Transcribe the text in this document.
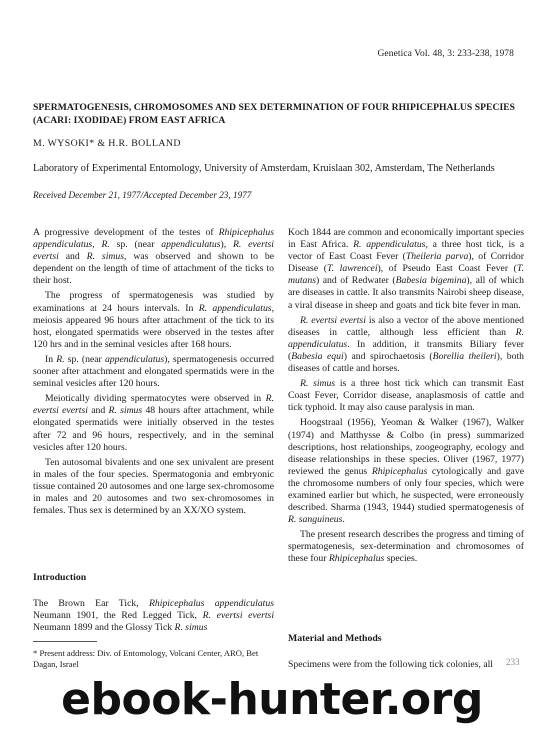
Genetica Vol. 48, 3: 233-238, 1978
SPERMATOGENESIS, CHROMOSOMES AND SEX DETERMINATION OF FOUR RHIPICEPHALUS SPECIES (ACARI: IXODIDAE) FROM EAST AFRICA
M. WYSOKI* & H.R. BOLLAND
Laboratory of Experimental Entomology, University of Amsterdam, Kruislaan 302, Amsterdam, The Netherlands
Received December 21, 1977/Accepted December 23, 1977

A progressive development of the testes of Rhipicephalus appendiculatus, R. sp. (near appendiculatus), R. evertsi evertsi and R. simus, was observed and shown to be dependent on the length of time of attachment of the ticks to their host.

The progress of spermatogenesis was studied by examinations at 24 hours intervals. In R. appendiculatus, meiosis appeared 96 hours after attachment of the tick to its host, elongated spermatids were observed in the testes after 120 hrs and in the seminal vesicles after 168 hours.

In R. sp. (near appendiculatus), spermatogenesis occurred sooner after attachment and elongated spermatids were in the seminal vesicles after 120 hours.

Meiotically dividing spermatocytes were observed in R. evertsi evertsi and R. simus 48 hours after attachment, while elongated spermatids were initially observed in the testes after 72 and 96 hours, respectively, and in the seminal vesicles after 120 hours.

Ten autosomal bivalents and one sex univalent are present in males of the four species. Spermatogonia and embryonic tissue contained 20 autosomes and one large sex-chromosome in males and 20 autosomes and two sex-chromosomes in females. Thus sex is determined by an XX/XO system.

Introduction

The Brown Ear Tick, Rhipicephalus appendiculatus Neumann 1901, the Red Legged Tick, R. evertsi evertsi Neumann 1899 and the Glossy Tick R. simus

* Present address: Div. of Entomology, Volcani Center, ARO, Bet Dagan, Israel

Koch 1844 are common and economically important species in East Africa. R. appendiculatus, a three host tick, is a vector of East Coast Fever (Theileria parva), of Corridor Disease (T. lawrencei), of Pseudo East Coast Fever (T. mutans) and of Redwater (Babesia bigemina), all of which are diseases in cattle. It also transmits Nairobi sheep disease, a viral disease in sheep and goats and tick bite fever in man.

R. evertsi evertsi is also a vector of the above mentioned diseases in cattle, although less efficient than R. appendiculatus. In addition, it transmits Biliary fever (Babesia equi) and spirochaetosis (Borellia theileri), both diseases of cattle and horses.

R. simus is a three host tick which can transmit East Coast Fever, Corridor disease, anaplasmosis of cattle and tick typhoid. It may also cause paralysis in man.

Hoogstraal (1956), Yeoman & Walker (1967), Walker (1974) and Matthysse & Colbo (in press) summarized descriptions, host relationships, zoogeography, ecology and disease relationships in these species. Oliver (1967, 1977) reviewed the genus Rhipicephalus cytologically and gave the chromosome numbers of only four species, which were examined earlier but which, he suspected, were erroneously described. Sharma (1943, 1944) studied spermatogenesis of R. sanguineus.

The present research describes the progress and timing of spermatogenesis, sex-determination and chromosomes of these four Rhipicephalus species.

Material and Methods

Specimens were from the following tick colonies, all	233
ebook-hunter.org
